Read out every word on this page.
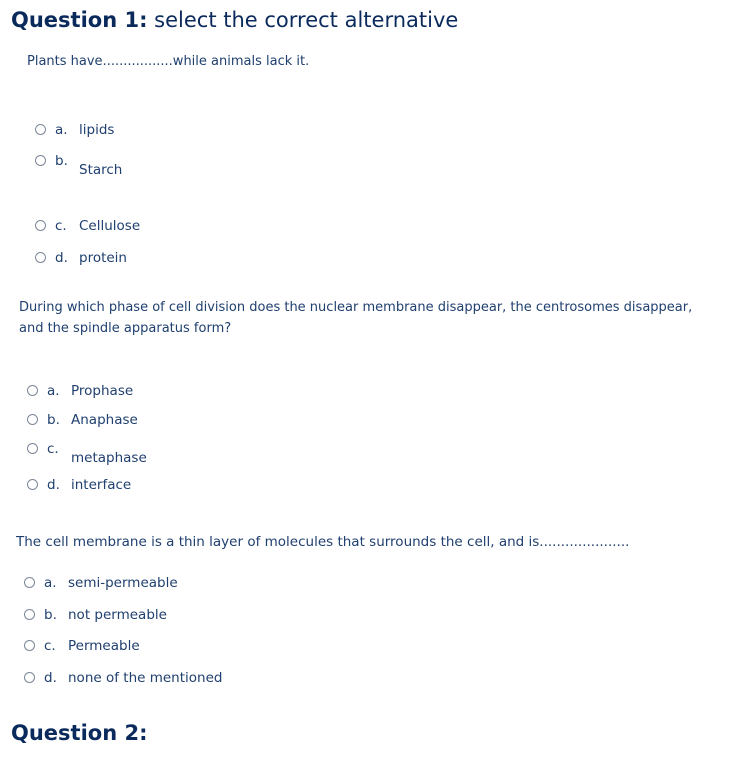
Question 1: select the correct alternative
Plants have.................while animals lack it.
a. lipids
b.
Starch
c. Cellulose
d. protein
During which phase of cell division does the nuclear membrane disappear, the centrosomes disappear, and the spindle apparatus form?
a. Prophase
b. Anaphase
c.
metaphase
d. interface
The cell membrane is a thin layer of molecules that surrounds the cell, and is.....................
a. semi-permeable
b. not permeable
c. Permeable
d. none of the mentioned
Question 2:
